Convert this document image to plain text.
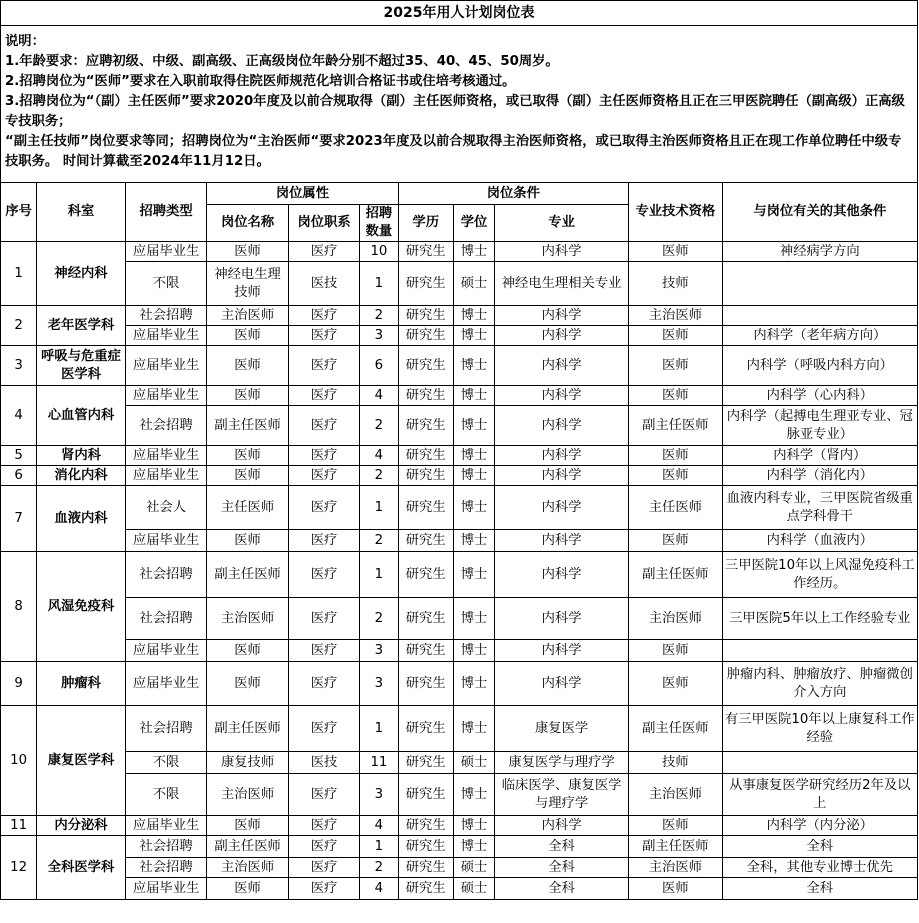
2025年用人计划岗位表
说明：
1.年龄要求：应聘初级、中级、副高级、正高级岗位年龄分别不超过35、40、45、50周岁。
2.招聘岗位为“医师”要求在入职前取得住院医师规范化培训合格证书或住培考核通过。
3.招聘岗位为“（副）主任医师”要求2020年度及以前合规取得（副）主任医师资格，或已取得（副）主任医师资格且正在三甲医院聘任（副高级）正高级专技职务；
“副主任技师”岗位要求等同；招聘岗位为“主治医师“要求2023年度及以前合规取得主治医师资格，或已取得主治医师资格且正在现工作单位聘任中级专技职务。 时间计算截至2024年11月12日。
序号	科室	招聘类型	岗位属性			岗位条件			专业技术资格	与岗位有关的其他条件
			岗位名称	岗位职系	招聘数量	学历	学位	专业		
1	神经内科	应届毕业生	医师	医疗	10	研究生	博士	内科学	医师	神经病学方向
		不限	神经电生理技师	医技	1	研究生	硕士	神经电生理相关专业	技师	
2	老年医学科	社会招聘	主治医师	医疗	2	研究生	博士	内科学	主治医师	
		应届毕业生	医师	医疗	3	研究生	博士	内科学	医师	内科学（老年病方向）
3	呼吸与危重症医学科	应届毕业生	医师	医疗	6	研究生	博士	内科学	医师	内科学（呼吸内科方向）
4	心血管内科	应届毕业生	医师	医疗	4	研究生	博士	内科学	医师	内科学（心内科）
		社会招聘	副主任医师	医疗	2	研究生	博士	内科学	副主任医师	内科学（起搏电生理亚专业、冠脉亚专业）
5	肾内科	应届毕业生	医师	医疗	4	研究生	博士	内科学	医师	内科学（肾内）
6	消化内科	应届毕业生	医师	医疗	2	研究生	博士	内科学	医师	内科学（消化内）
7	血液内科	社会人	主任医师	医疗	1	研究生	博士	内科学	主任医师	血液内科专业，三甲医院省级重点学科骨干
		应届毕业生	医师	医疗	2	研究生	博士	内科学	医师	内科学（血液内）
8	风湿免疫科	社会招聘	副主任医师	医疗	1	研究生	博士	内科学	副主任医师	三甲医院10年以上风湿免疫科工作经历。
		社会招聘	主治医师	医疗	2	研究生	博士	内科学	主治医师	三甲医院5年以上工作经验专业
		应届毕业生	医师	医疗	3	研究生	博士	内科学	医师	
9	肿瘤科	应届毕业生	医师	医疗	3	研究生	博士	内科学	医师	肿瘤内科、肿瘤放疗、肿瘤微创介入方向
10	康复医学科	社会招聘	副主任医师	医疗	1	研究生	博士	康复医学	副主任医师	有三甲医院10年以上康复科工作经验
		不限	康复技师	医技	11	研究生	硕士	康复医学与理疗学	技师	
		不限	主治医师	医疗	3	研究生	博士	临床医学、康复医学与理疗学	主治医师	从事康复医学研究经历2年及以上
11	内分泌科	应届毕业生	医师	医疗	4	研究生	博士	内科学	医师	内科学（内分泌）
12	全科医学科	社会招聘	副主任医师	医疗	1	研究生	博士	全科	副主任医师	全科
		社会招聘	主治医师	医疗	2	研究生	硕士	全科	主治医师	全科，其他专业博士优先
		应届毕业生	医师	医疗	4	研究生	硕士	全科	医师	全科
